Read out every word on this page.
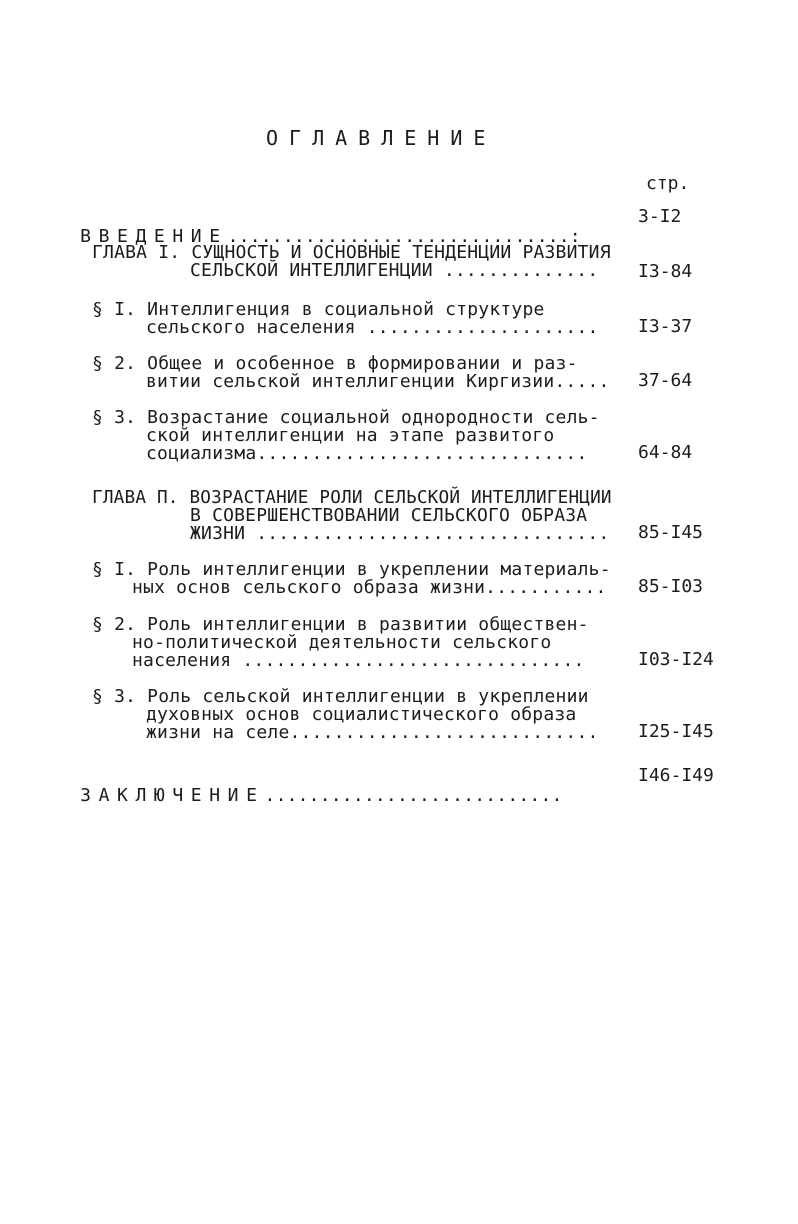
ОГЛАВЛЕНИЕ
стр.

ВВЕДЕНИЕ...............................:

3-I2
ГЛАВА I. СУЩНОСТЬ И ОСНОВНЫЕ ТЕНДЕНЦИИ РАЗВИТИЯ
СЕЛЬСКОЙ ИНТЕЛЛИГЕНЦИИ .............. I3-84
§ I. Интеллигенция в социальной структуре
сельского населения ..................... I3-37
§ 2. Общее и особенное в формировании и раз-
витии сельской интеллигенции Киргизии..... 37-64
§ 3. Возрастание социальной однородности сель-
ской интеллигенции на этапе развитого
социализма..............................	64-84
ГЛАВА П. ВОЗРАСТАНИЕ РОЛИ СЕЛЬСКОЙ ИНТЕЛЛИГЕНЦИИ
В СОВЕРШЕНСТВОВАНИИ СЕЛЬСКОГО ОБРАЗА
ЖИЗНИ ................................ 85-I45
§ I. Роль интеллигенции в укреплении материаль-
ных основ сельского образа жизни........... 85-I03
§ 2. Роль интеллигенции в развитии обществен-
но-политической деятельности сельского
населения ...............................	I03-I24
§ 3. Роль сельской интеллигенции в укреплении
духовных основ социалистического образа
жизни на селе............................ I25-I45

ЗАКЛЮЧЕНИЕ...........................

I46-I49
